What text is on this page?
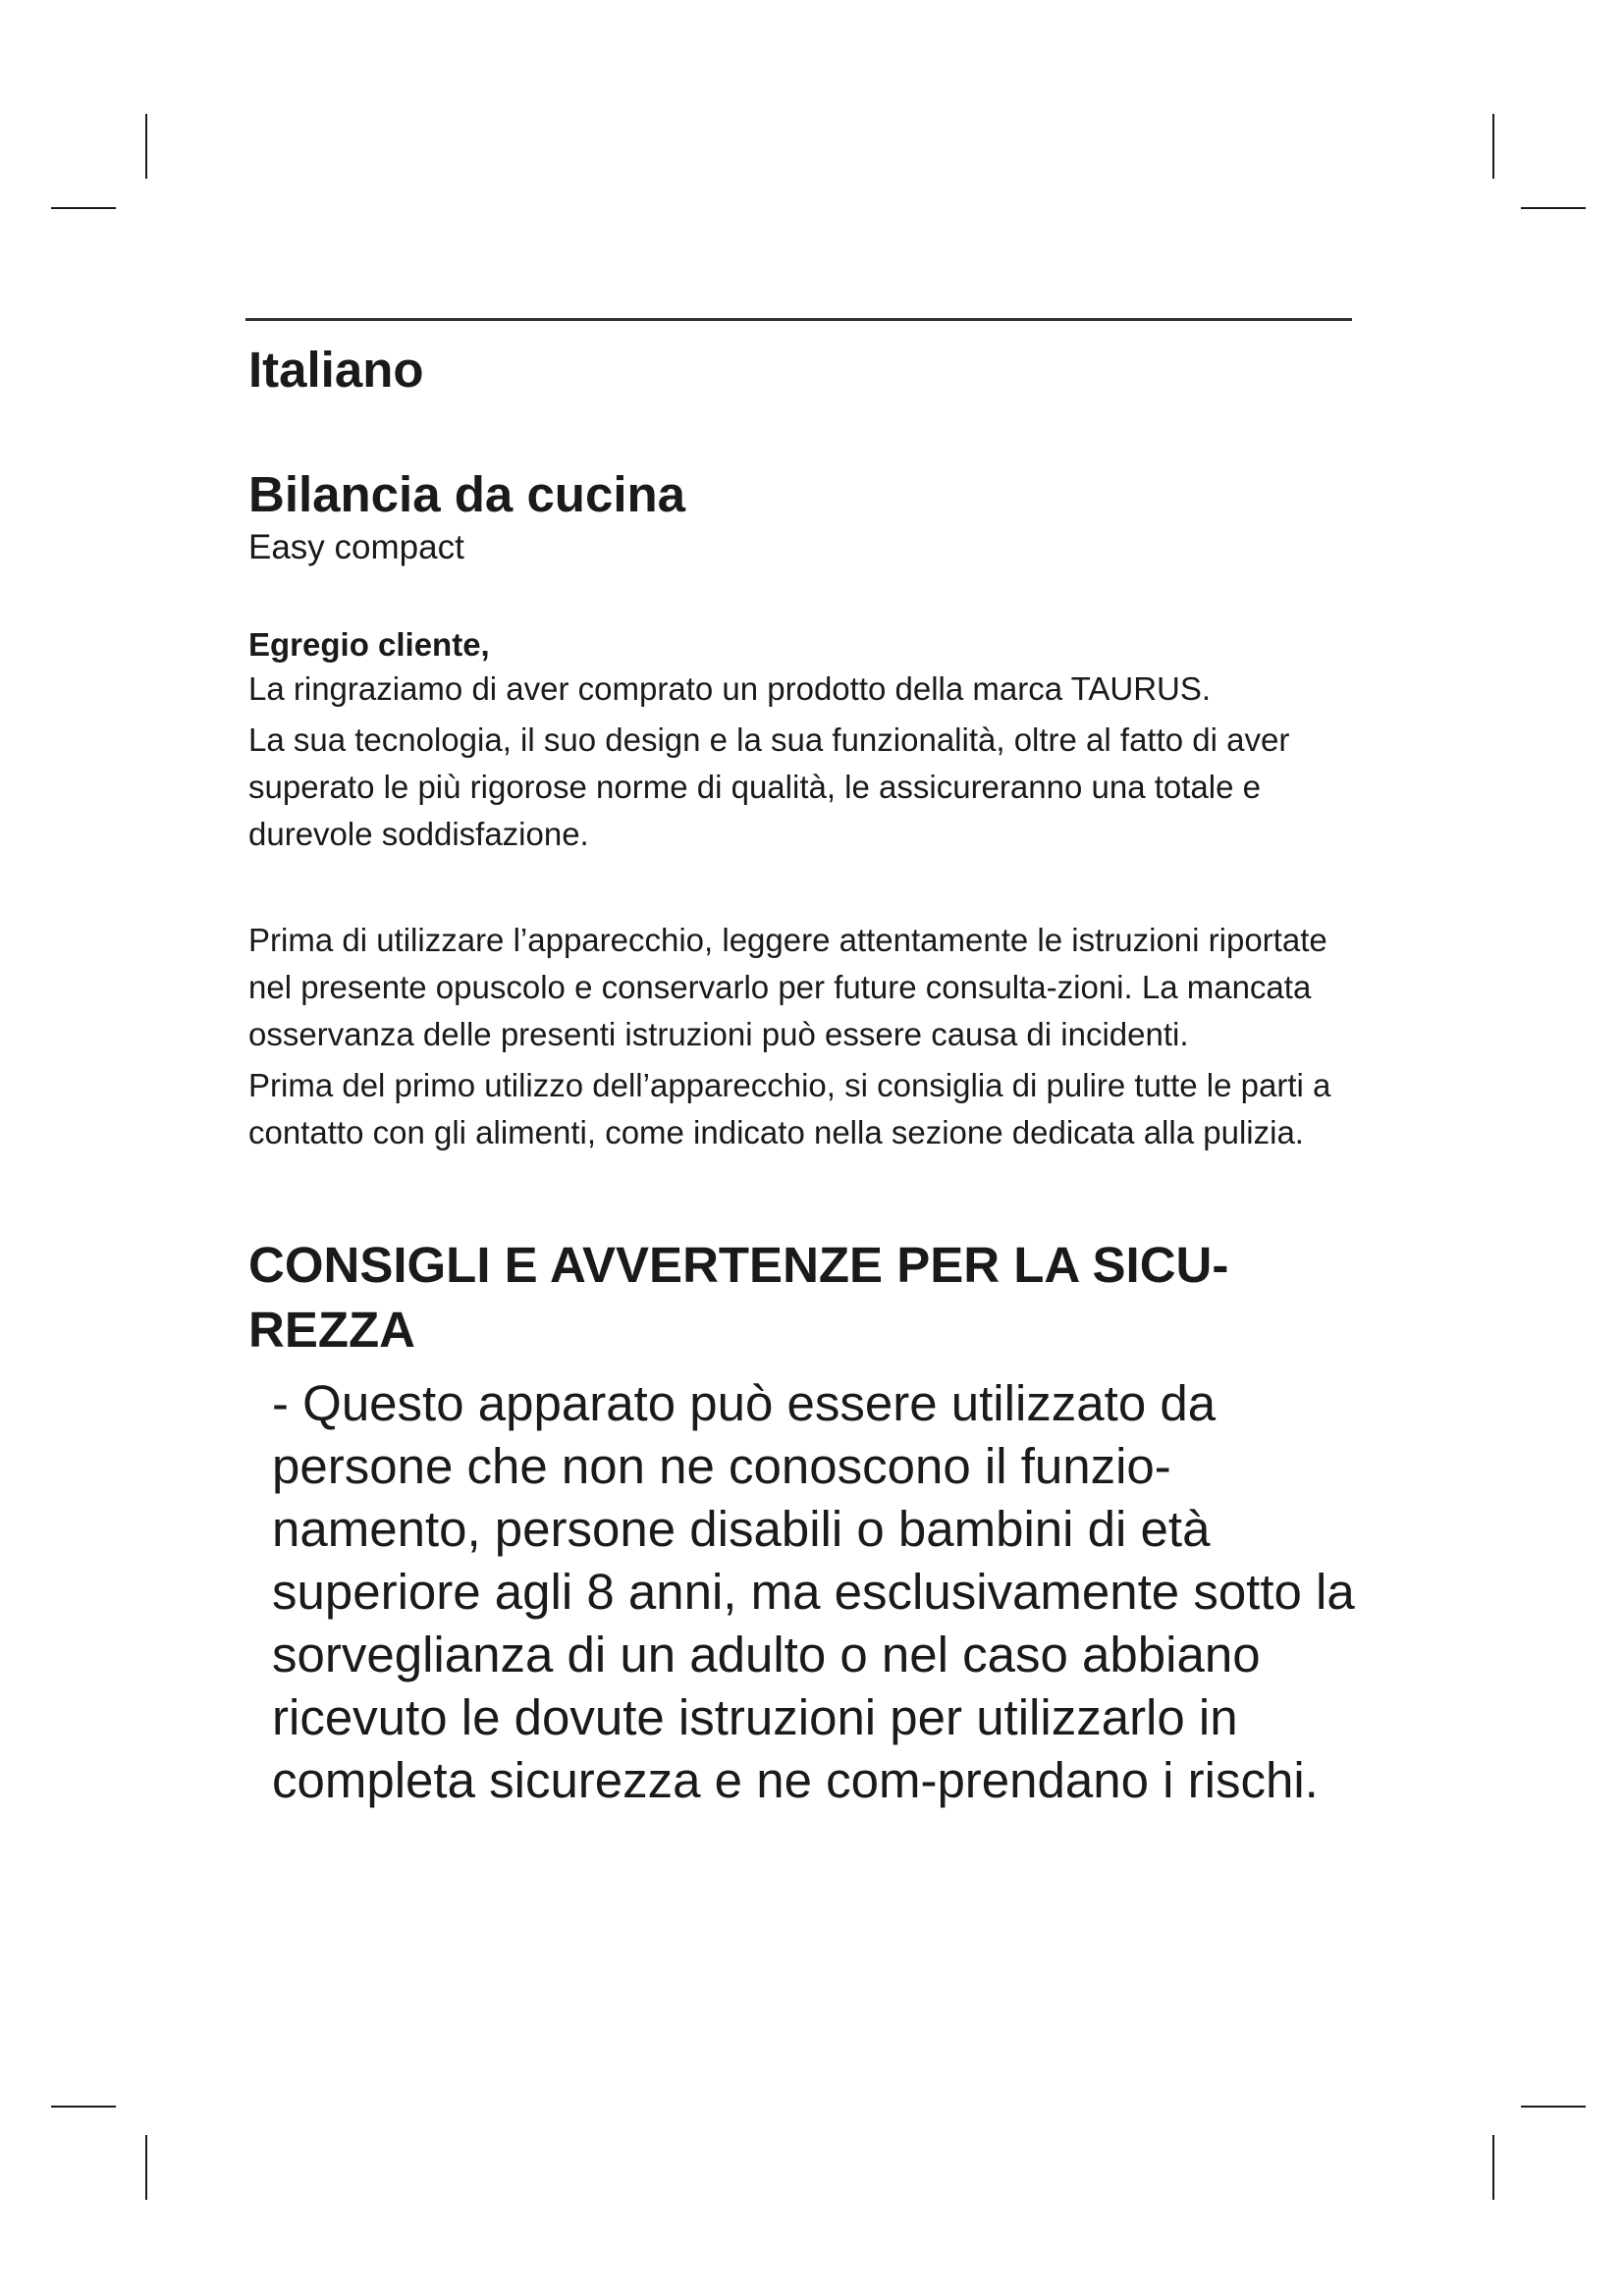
Italiano
Bilancia da cucina

Easy compact

Egregio cliente,

La ringraziamo di aver comprato un prodotto della marca TAURUS.

La sua tecnologia, il suo design e la sua funzionalità, oltre al fatto di aver superato le più rigorose norme di qualità, le assicureranno una totale e durevole soddisfazione.

Prima di utilizzare l’apparecchio, leggere attentamente le istruzioni riportate nel presente opuscolo e conservarlo per future consulta-zioni. La mancata osservanza delle presenti istruzioni può essere causa di incidenti.

Prima del primo utilizzo dell’apparecchio, si consiglia di pulire tutte le parti a contatto con gli alimenti, come indicato nella sezione dedicata alla pulizia.

CONSIGLI E AVVERTENZE PER LA SICU-REZZA

- Questo apparato può essere utilizzato da persone che non ne conoscono il funzio-namento, persone disabili o bambini di età superiore agli 8 anni, ma esclusivamente sotto la sorveglianza di un adulto o nel caso abbiano ricevuto le dovute istruzioni per utilizzarlo in completa sicurezza e ne com-prendano i rischi.
